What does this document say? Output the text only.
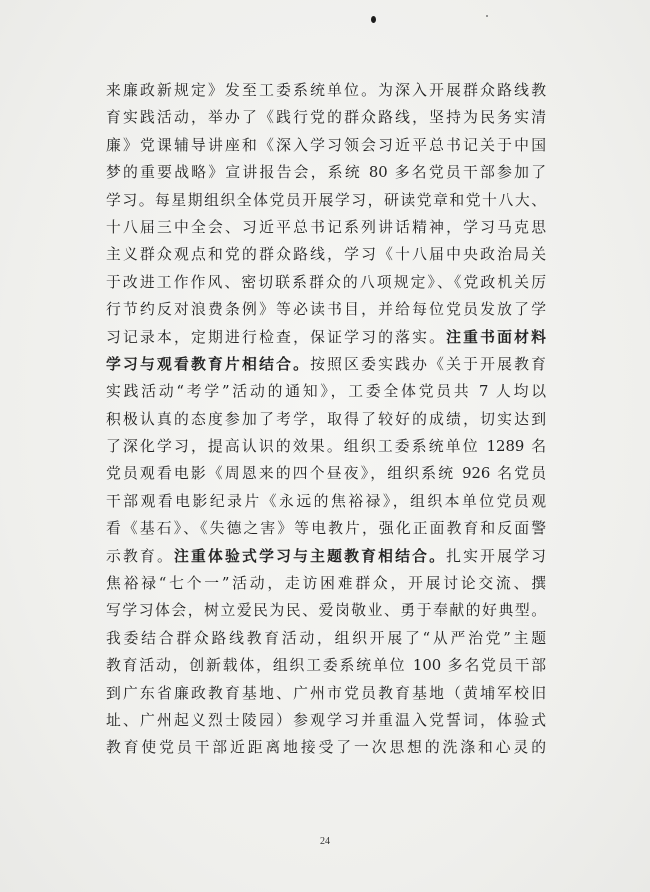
来廉政新规定》发至工委系统单位。为深入开展群众路线教
育实践活动，举办了《践行党的群众路线，坚持为民务实清
廉》党课辅导讲座和《深入学习领会习近平总书记关于中国
梦的重要战略》宣讲报告会，系统 80 多名党员干部参加了
学习。每星期组织全体党员开展学习，研读党章和党十八大、
十八届三中全会、习近平总书记系列讲话精神，学习马克思
主义群众观点和党的群众路线，学习《十八届中央政治局关
于改进工作作风、密切联系群众的八项规定》、《党政机关厉
行节约反对浪费条例》等必读书目，并给每位党员发放了学
习记录本，定期进行检查，保证学习的落实。注重书面材料
学习与观看教育片相结合。按照区委实践办《关于开展教育
实践活动“考学”活动的通知》，工委全体党员共 7 人均以
积极认真的态度参加了考学，取得了较好的成绩，切实达到
了深化学习，提高认识的效果。组织工委系统单位 1289 名
党员观看电影《周恩来的四个昼夜》，组织系统 926 名党员
干部观看电影纪录片《永远的焦裕禄》，组织本单位党员观
看《基石》、《失德之害》等电教片，强化正面教育和反面警
示教育。注重体验式学习与主题教育相结合。扎实开展学习
焦裕禄“七个一”活动，走访困难群众，开展讨论交流、撰
写学习体会，树立爱民为民、爱岗敬业、勇于奉献的好典型。
我委结合群众路线教育活动，组织开展了“从严治党”主题
教育活动，创新载体，组织工委系统单位 100 多名党员干部
到广东省廉政教育基地、广州市党员教育基地（黄埔军校旧
址、广州起义烈士陵园）参观学习并重温入党誓词，体验式
教育使党员干部近距离地接受了一次思想的洗涤和心灵的
24
